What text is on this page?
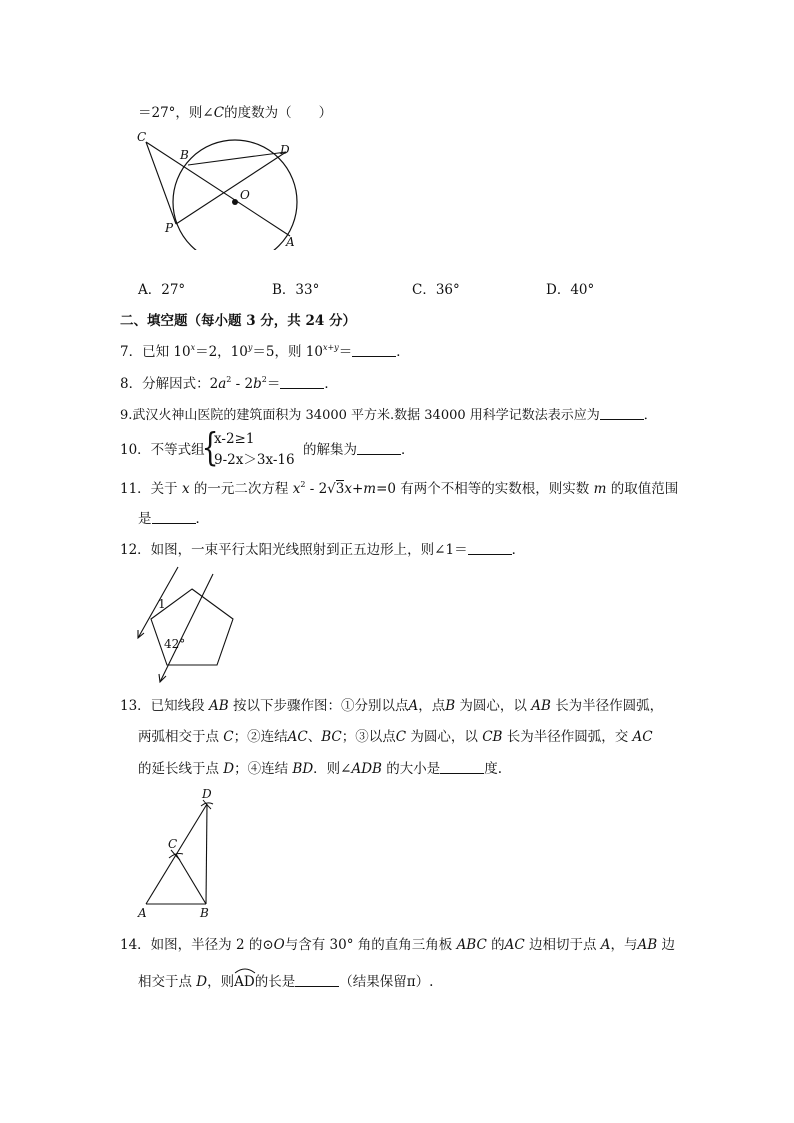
＝27°，则∠C的度数为（　　）
C
B	D
O
P
A
A．27°	B．33°	C．36°	D．40°
二、填空题（每小题 3 分，共 24 分）
7．已知 $10^x=2$，$10^y=5$，则 $10^{x+y}=$	．
8．分解因式：$2a^2 - 2b^2=$	．
9.武汉火神山医院的建筑面积为 34000 平方米.数据 34000 用科学记数法表示应为	．
10．不等式组
{
x-2≥1
9-2x＞3x-16
的解集为	．
11．关于 x 的一元二次方程 $x^2 - 2√3x+m=0$ 有两个不相等的实数根，则实数 m 的取值范围
是	．
12．如图，一束平行太阳光线照射到正五边形上，则∠1＝	．
1
42°
13．已知线段 AB 按以下步骤作图：①分别以点A，点B 为圆心，以 AB 长为半径作圆弧，
两弧相交于点 C；②连结AC、BC；③以点C 为圆心，以 CB 长为半径作圆弧，交 AC
的延长线于点 D；④连结 BD．则∠ADB 的大小是	度.
D
C
A	B
14．如图，半径为 2 的⊙O与含有 30° 角的直角三角板 ABC 的AC 边相切于点 A，与AB 边
相交于点 D，则
AD的长是	（结果保留π）.
